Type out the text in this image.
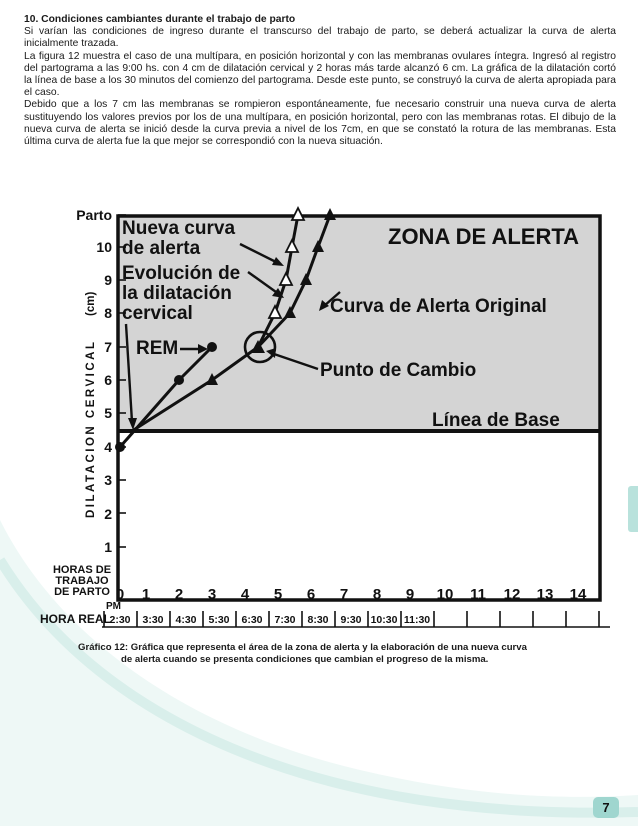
10. Condiciones cambiantes durante el trabajo de parto

Si varían las condiciones de ingreso durante el transcurso del trabajo de parto, se deberá actualizar la curva de alerta inicialmente trazada.

La figura 12 muestra el caso de una multípara, en posición horizontal y con las membranas ovulares íntegra. Ingresó al registro del partograma a las 9:00 hs. con 4 cm de dilatación cervical y 2 horas más tarde alcanzó 6 cm. La gráfica de la dilatación cortó la línea de base a los 30 minutos del comienzo del partograma. Desde este punto, se construyó la curva de alerta apropiada para el caso.

Debido que a los 7 cm las membranas se rompieron espontáneamente, fue necesario construir una nueva curva de alerta sustituyendo los valores previos por los de una multípara, en posición horizontal, pero con las membranas rotas. El dibujo de la nueva curva de alerta se inició desde la curva previa a nivel de los 7cm, en que se constató la rotura de las membranas. Esta última curva de alerta fue la que mejor se correspondió con la nueva situación.

1
2
3
4
5
6
7
8
9
10
Parto
DILATACION CERVICAL
(cm)
0 1 2 3 4 5 6 7 8 9 10 11 12 13 14
HORAS DE
TRABAJO
DE PARTO
PM
HORA REAL
2:30 3:30 4:30 5:30 6:30 7:30 8:30 9:30 10:30 11:30
ZONA DE ALERTA
Nueva curva
de alerta
Evolución de
la dilatación
cervical
REM
Curva de Alerta Original
Punto de Cambio
Línea de Base
Gráfico 12: Gráfica que representa el área de la zona de alerta y la elaboración de una nueva curva
de alerta cuando se presenta condiciones que cambian el progreso de la misma.
7
